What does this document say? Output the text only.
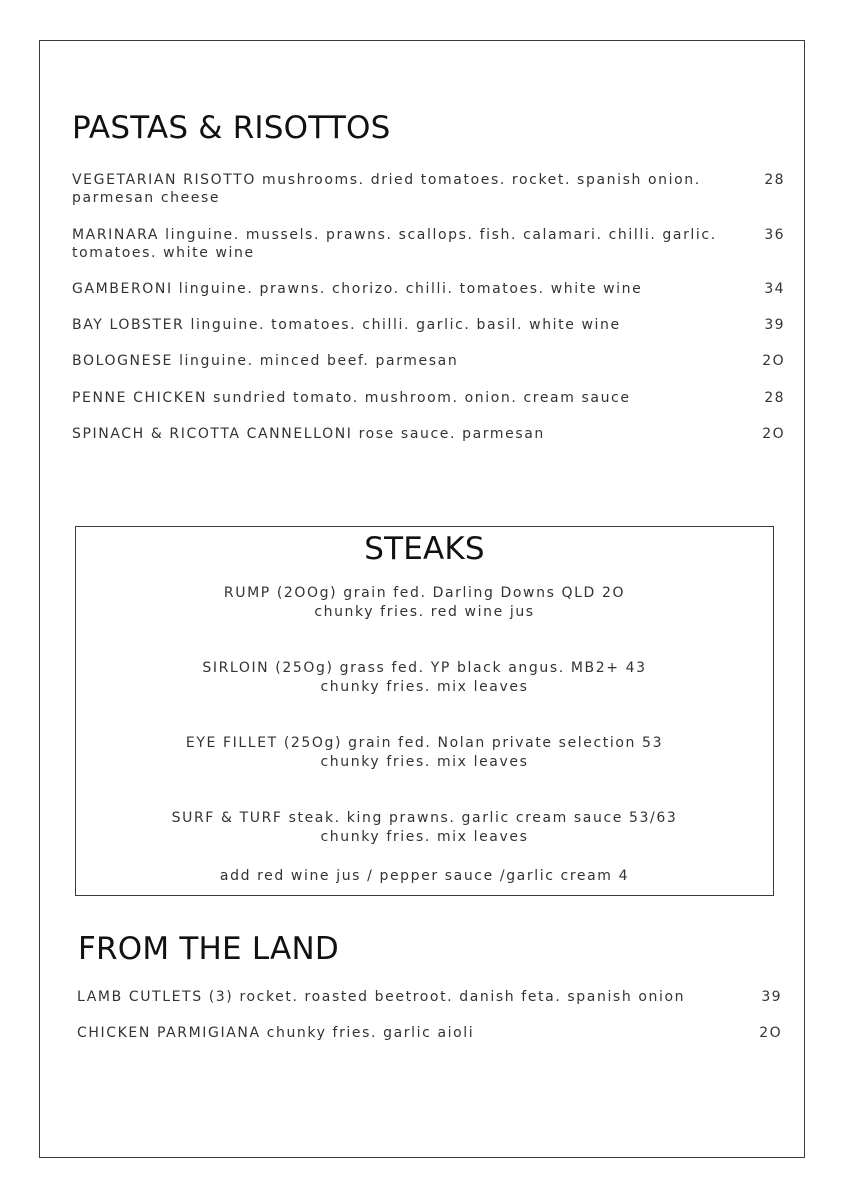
PASTAS & RISOTTOS
VEGETARIAN RISOTTO mushrooms. dried tomatoes. rocket. spanish onion.
parmesan cheese
28
MARINARA linguine. mussels. prawns. scallops. fish. calamari. chilli. garlic.
tomatoes. white wine
36
GAMBERONI linguine. prawns. chorizo. chilli. tomatoes. white wine	34
BAY LOBSTER linguine. tomatoes. chilli. garlic. basil. white wine	39
BOLOGNESE linguine. minced beef. parmesan	2O
PENNE CHICKEN sundried tomato. mushroom. onion. cream sauce	28
SPINACH & RICOTTA CANNELLONI rose sauce. parmesan	2O
STEAKS
RUMP (2OOg) grain fed. Darling Downs QLD 2O
chunky fries. red wine jus
SIRLOIN (25Og) grass fed. YP black angus. MB2+ 43
chunky fries. mix leaves
EYE FILLET (25Og) grain fed. Nolan private selection 53
chunky fries. mix leaves
SURF & TURF steak. king prawns. garlic cream sauce 53/63
chunky fries. mix leaves
add red wine jus / pepper sauce /garlic cream 4
FROM THE LAND
LAMB CUTLETS (3) rocket. roasted beetroot. danish feta. spanish onion	39
CHICKEN PARMIGIANA chunky fries. garlic aioli	2O
